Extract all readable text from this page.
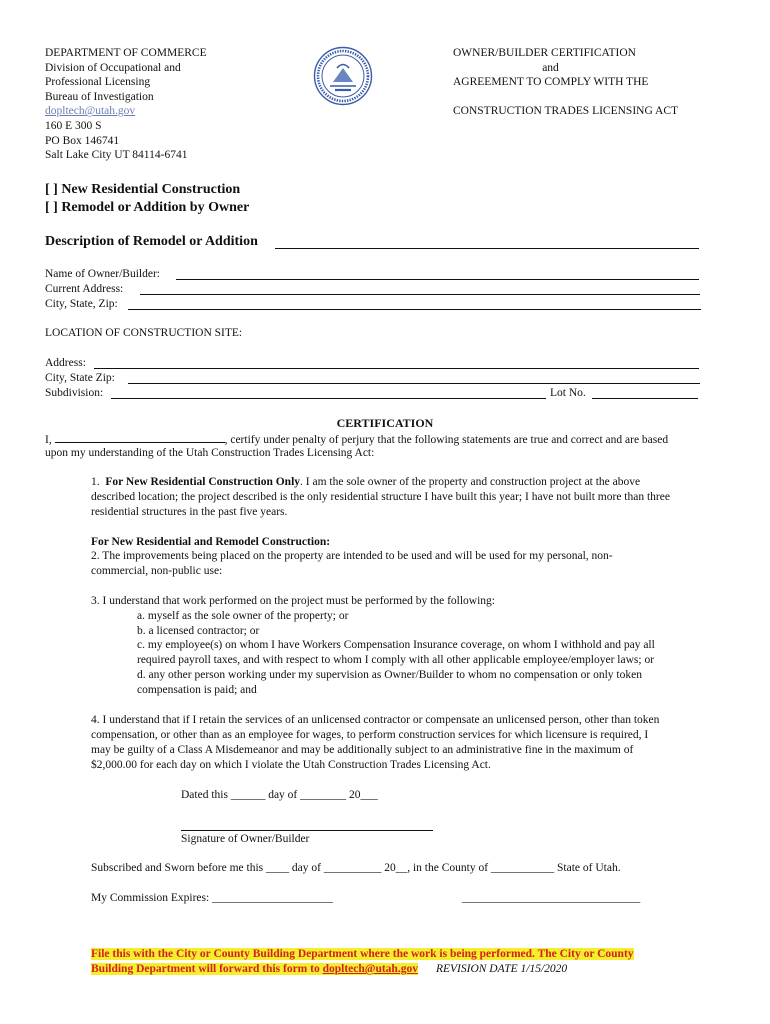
DEPARTMENT OF COMMERCE
Division of Occupational and
Professional Licensing
Bureau of Investigation
dopltech@utah.gov
160 E 300 S
PO Box 146741
Salt Lake City UT 84114-6741
OWNER/BUILDER CERTIFICATION
and
AGREEMENT TO COMPLY WITH THE
CONSTRUCTION TRADES LICENSING ACT
[ ] New Residential Construction
[ ] Remodel or Addition by Owner
Description of Remodel or Addition
Name of Owner/Builder:
Current Address:
City, State, Zip:
LOCATION OF CONSTRUCTION SITE:
Address:
City, State Zip:
Subdivision:	Lot No.
CERTIFICATION
I,	, certify under penalty of perjury that the following statements are true and correct and are based
upon my understanding of the Utah Construction Trades Licensing Act:
1. For New Residential Construction Only. I am the sole owner of the property and construction project at the above
described location; the project described is the only residential structure I have built this year; I have not built more than three
residential structures in the past five years.
For New Residential and Remodel Construction:
2. The improvements being placed on the property are intended to be used and will be used for my personal, non-
commercial, non-public use:
3. I understand that work performed on the project must be performed by the following:
a. myself as the sole owner of the property; or
b. a licensed contractor; or
c. my employee(s) on whom I have Workers Compensation Insurance coverage, on whom I withhold and pay all
required payroll taxes, and with respect to whom I comply with all other applicable employee/employer laws; or
d. any other person working under my supervision as Owner/Builder to whom no compensation or only token
compensation is paid; and
4. I understand that if I retain the services of an unlicensed contractor or compensate an unlicensed person, other than token
compensation, or other than as an employee for wages, to perform construction services for which licensure is required, I
may be guilty of a Class A Misdemeanor and may be additionally subject to an administrative fine in the maximum of
$2,000.00 for each day on which I violate the Utah Construction Trades Licensing Act.
Dated this ______ day of ________ 20___
Signature of Owner/Builder
Subscribed and Sworn before me this ____ day of __________ 20__, in the County of ___________ State of Utah.
My Commission Expires: _____________________	_______________________________
File this with the City or County Building Department where the work is being performed. The City or County
Building Department will forward this form to dopltech@utah.gov REVISION DATE 1/15/2020
